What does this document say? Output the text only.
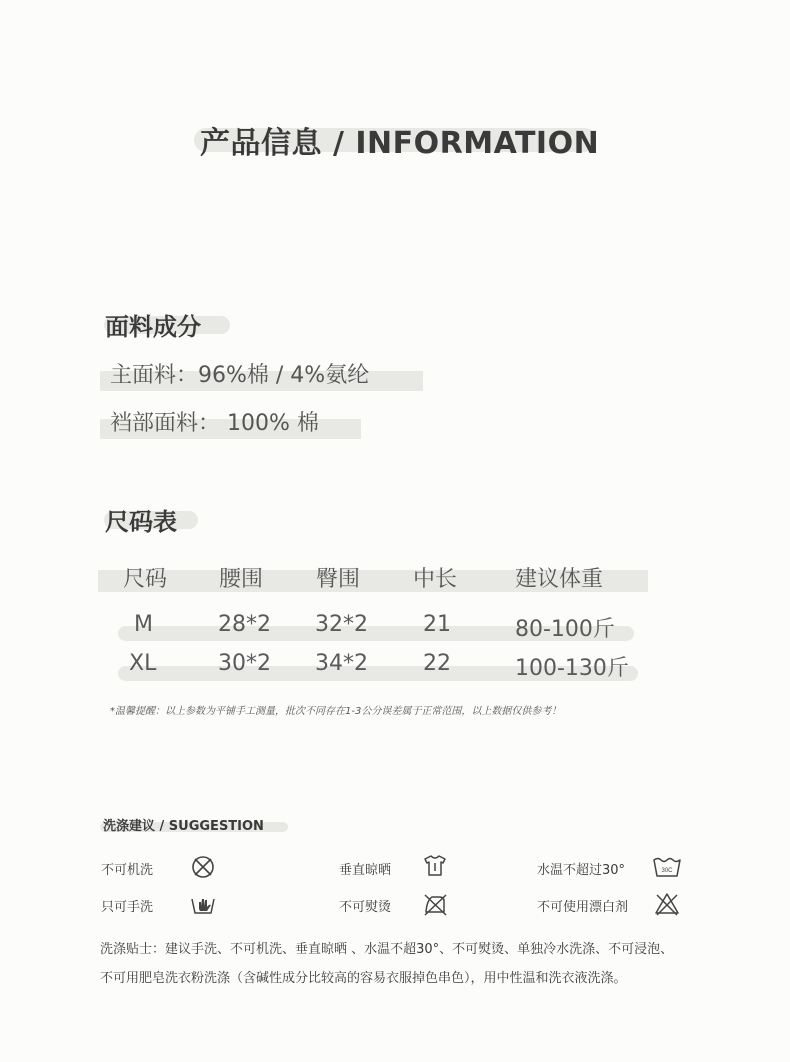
产品信息 / INFORMATION
面料成分
主面料：96%棉 / 4%氨纶
裆部面料： 100% 棉
尺码表
尺码 腰围 臀围 中长	建议体重
M	28*2 32*2	21	80-100斤
XL	30*2 34*2	22	100-130斤
*温馨提醒：以上参数为平铺手工测量，批次不同存在1-3公分误差属于正常范围，以上数据仅供参考！
洗涤建议 / SUGGESTION
不可机洗	垂直晾晒	水温不超过30°	30C
只可手洗	不可熨烫	不可使用漂白剂
洗涤贴士：建议手洗、不可机洗、垂直晾晒 、水温不超30°、不可熨烫、单独冷水洗涤、不可浸泡、
不可用肥皂洗衣粉洗涤（含碱性成分比较高的容易衣服掉色串色），用中性温和洗衣液洗涤。
